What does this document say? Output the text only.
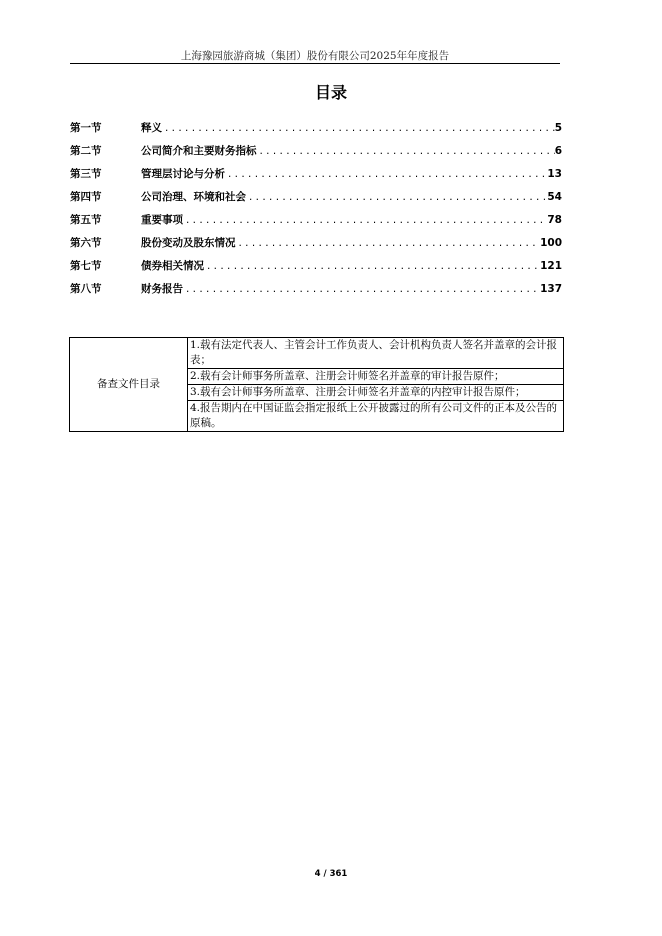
上海豫园旅游商城（集团）股份有限公司2025年年度报告
目录
第一节	释义 . . .	5
第二节	公司简介和主要财务指标 . . .	6
第三节	管理层讨论与分析 . . .	13
第四节	公司治理、环境和社会 . . .	54
第五节	重要事项 . . .	78
第六节	股份变动及股东情况 . . .	100
第七节	债券相关情况 . . .	121
第八节	财务报告 . . .	137
备查文件目录	1.载有法定代表人、主管会计工作负责人、会计机构负责人签名并盖章的会计报表；
2.载有会计师事务所盖章、注册会计师签名并盖章的审计报告原件；
3.载有会计师事务所盖章、注册会计师签名并盖章的内控审计报告原件；
4.报告期内在中国证监会指定报纸上公开披露过的所有公司文件的正本及公告的原稿。
4 / 361
